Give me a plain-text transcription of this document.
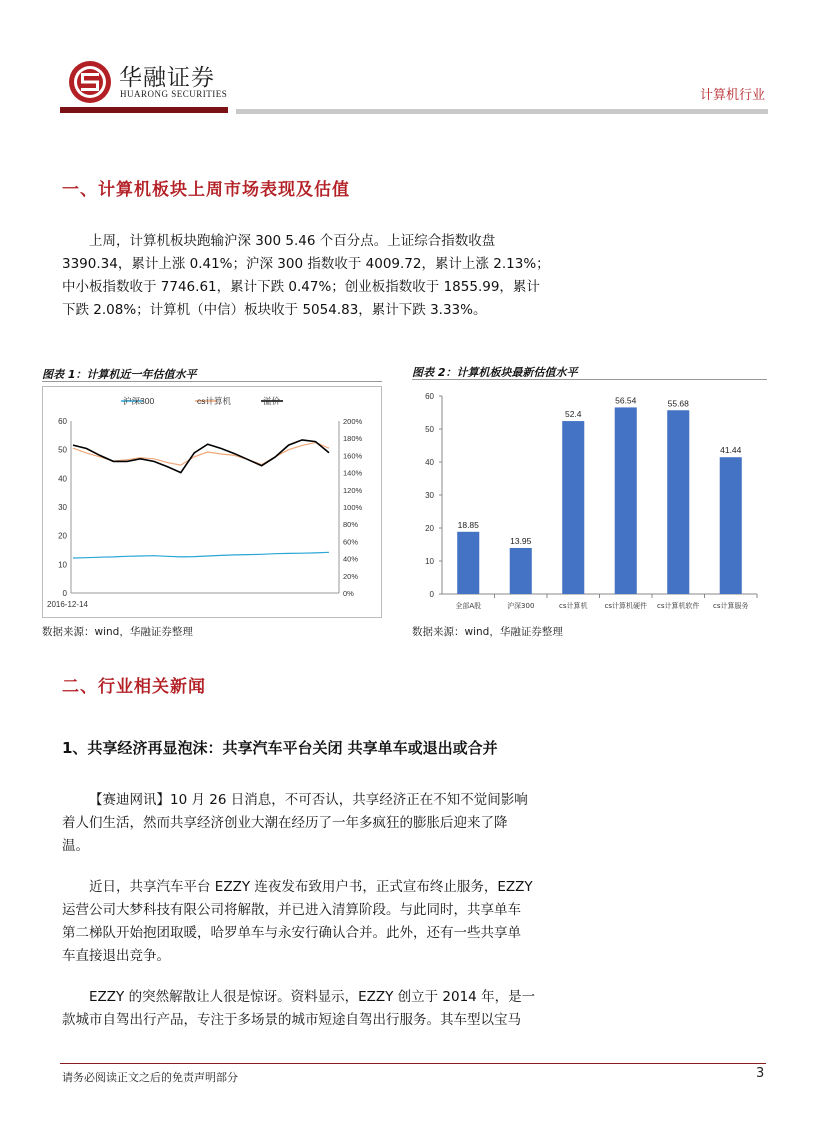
华融证券
HUARONG SECURITIES	计算机行业
一、计算机板块上周市场表现及估值
上周，计算机板块跑输沪深 300 5.46 个百分点。上证综合指数收盘
3390.34，累计上涨 0.41%；沪深 300 指数收于 4009.72，累计上涨 2.13%；
中小板指数收于 7746.61，累计下跌 0.47%；创业板指数收于 1855.99，累计
下跌 2.08%；计算机（中信）板块收于 5054.83，累计下跌 3.33%。
图表 1：计算机近一年估值水平
沪深300	cs计算机	溢价
60
50
40
30
20
10
0
200%
180%
160%
140%
120%
100%
80%
60%
40%
20%
0%
2016-12-14
数据来源：wind，华融证券整理
图表 2：计算机板块最新估值水平
60
50
40
30
20
10
0
18.85
全部A股
13.95
沪深300
52.4
cs计算机
56.54
cs计算机硬件
55.68
cs计算机软件
41.44
cs计算服务
数据来源：wind，华融证券整理
二、行业相关新闻
1、共享经济再显泡沫：共享汽车平台关闭 共享单车或退出或合并
【赛迪网讯】10 月 26 日消息，不可否认，共享经济正在不知不觉间影响
着人们生活，然而共享经济创业大潮在经历了一年多疯狂的膨胀后迎来了降
温。
近日，共享汽车平台 EZZY 连夜发布致用户书，正式宣布终止服务，EZZY
运营公司大梦科技有限公司将解散，并已进入清算阶段。与此同时，共享单车
第二梯队开始抱团取暖，哈罗单车与永安行确认合并。此外，还有一些共享单
车直接退出竞争。
EZZY 的突然解散让人很是惊讶。资料显示，EZZY 创立于 2014 年，是一
款城市自驾出行产品，专注于多场景的城市短途自驾出行服务。其车型以宝马
请务必阅读正文之后的免责声明部分	3
